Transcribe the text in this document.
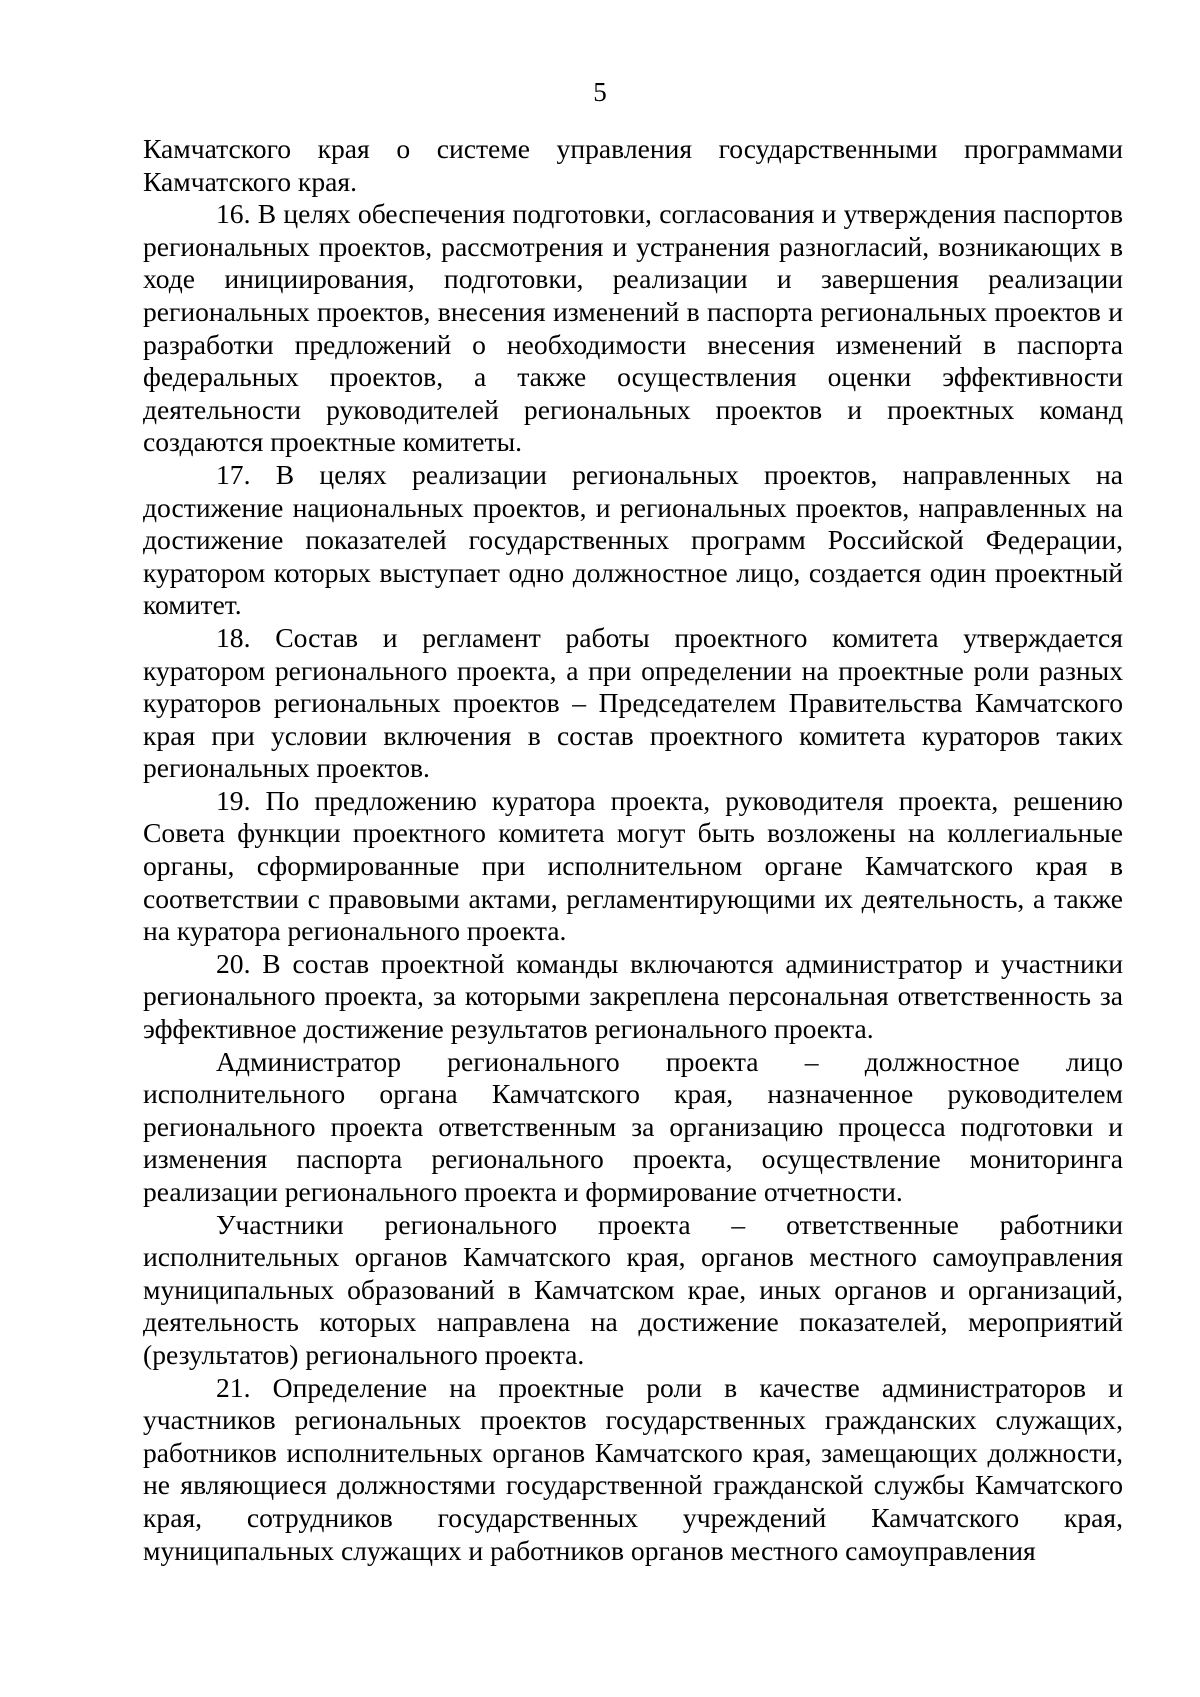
5

Камчатского края о системе управления государственными программами Камчатского края.

16. В целях обеспечения подготовки, согласования и утверждения паспортов региональных проектов, рассмотрения и устранения разногласий, возникающих в ходе инициирования, подготовки, реализации и завершения реализации региональных проектов, внесения изменений в паспорта региональных проектов и разработки предложений о необходимости внесения изменений в паспорта федеральных проектов, а также осуществления оценки эффективности деятельности руководителей региональных проектов и проектных команд создаются проектные комитеты.

17. В целях реализации региональных проектов, направленных на достижение национальных проектов, и региональных проектов, направленных на достижение показателей государственных программ Российской Федерации, куратором которых выступает одно должностное лицо, создается один проектный комитет.

18. Состав и регламент работы проектного комитета утверждается куратором регионального проекта, а при определении на проектные роли разных кураторов региональных проектов – Председателем Правительства Камчатского края при условии включения в состав проектного комитета кураторов таких региональных проектов.

19. По предложению куратора проекта, руководителя проекта, решению Совета функции проектного комитета могут быть возложены на коллегиальные органы, сформированные при исполнительном органе Камчатского края в соответствии с правовыми актами, регламентирующими их деятельность, а также на куратора регионального проекта.

20. В состав проектной команды включаются администратор и участники регионального проекта, за которыми закреплена персональная ответственность за эффективное достижение результатов регионального проекта.

Администратор регионального проекта – должностное лицо исполнительного органа Камчатского края, назначенное руководителем регионального проекта ответственным за организацию процесса подготовки и изменения паспорта регионального проекта, осуществление мониторинга реализации регионального проекта и формирование отчетности.

Участники регионального проекта – ответственные работники исполнительных органов Камчатского края, органов местного самоуправления муниципальных образований в Камчатском крае, иных органов и организаций, деятельность которых направлена на достижение показателей, мероприятий (результатов) регионального проекта.

21. Определение на проектные роли в качестве администраторов и участников региональных проектов государственных гражданских служащих, работников исполнительных органов Камчатского края, замещающих должности, не являющиеся должностями государственной гражданской службы Камчатского края, сотрудников государственных учреждений Камчатского края, муниципальных служащих и работников органов местного самоуправления
